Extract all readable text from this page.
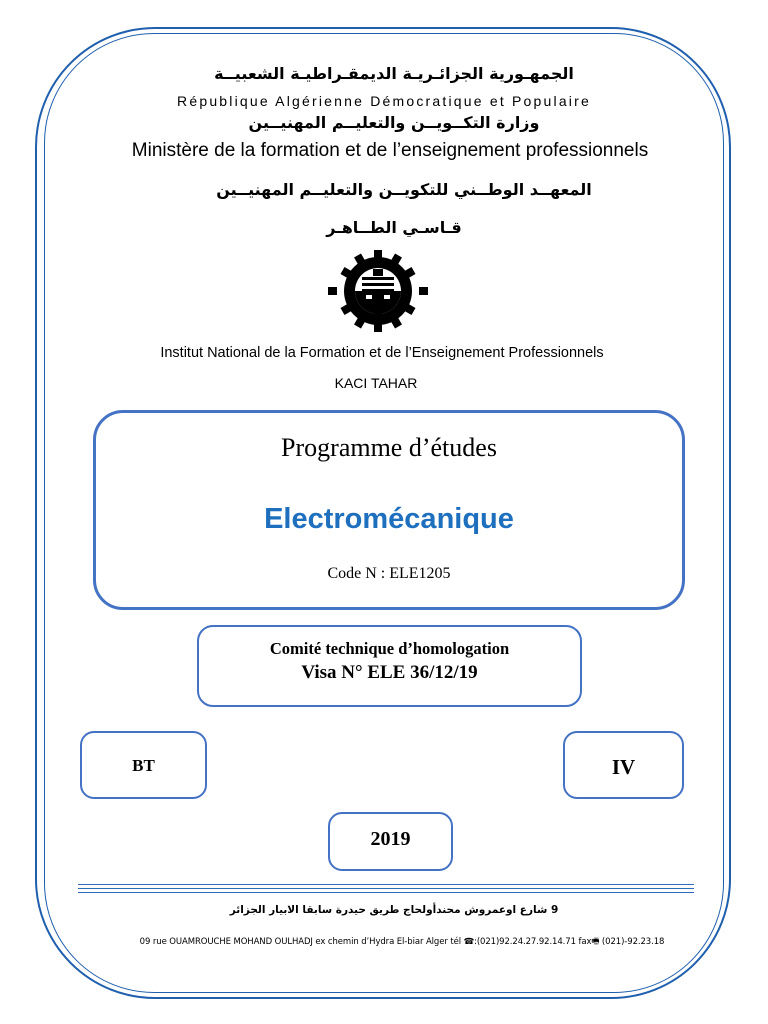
الجمهـورية الجزائـريـة الديمقـراطيـة الشعبيــة
République Algérienne Démocratique et Populaire
وزارة التكــويــن والتعليــم المهنيــين
Ministère de la formation et de l’enseignement professionnels
المعهــد الوطــني للتكويــن والتعليــم المهنيــين
قـاسـي الطــاهـر
Institut National de la Formation et de l’Enseignement Professionnels
KACI TAHAR
Programme d’études
Electromécanique
Code N : ELE1205
Comité technique d’homologation
Visa N° ELE 36/12/19
BT	IV
2019
9 شارع اوعمروش محندأولحاج طريق حيدرة سابقا الابيار الجزائر
09 rue OUAMROUCHE MOHAND OULHADJ ex chemin d’Hydra El-biar Alger tél ☎:(021)92.24.27.92.14.71 fax🖷 (021)-92.23.18
